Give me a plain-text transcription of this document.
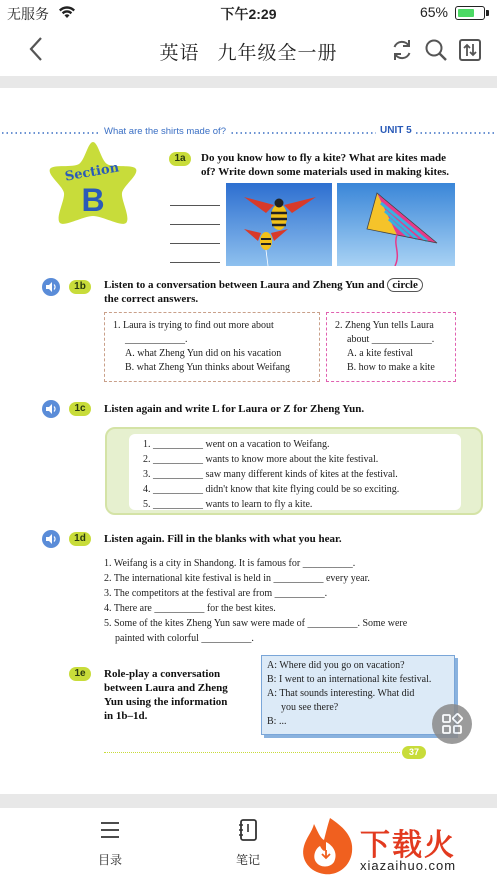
无服务	下午2:29	65%
英语 九年级全一册
What are the shirts made of?	UNIT 5
Section
B
1a	Do you know how to fly a kite? What are kites made of? Write down some materials used in making kites.
1b	Listen to a conversation between Laura and Zheng Yun and circle
the correct answers.
1. Laura is trying to find out more about
____________.
A. what Zheng Yun did on his vacation
B. what Zheng Yun thinks about Weifang
2. Zheng Yun tells Laura
about ____________.
A. a kite festival
B. how to make a kite
1c	Listen again and write L for Laura or Z for Zheng Yun.
1. __________ went on a vacation to Weifang.
2. __________ wants to know more about the kite festival.
3. __________ saw many different kinds of kites at the festival.
4. __________ didn't know that kite flying could be so exciting.
5. __________ wants to learn to fly a kite.
1d	Listen again. Fill in the blanks with what you hear.
1. Weifang is a city in Shandong. It is famous for __________.
2. The international kite festival is held in __________ every year.
3. The competitors at the festival are from __________.
4. There are __________ for the best kites.
5. Some of the kites Zheng Yun saw were made of __________. Some were
painted with colorful __________.
1e	Role-play a conversation
between Laura and Zheng
Yun using the information
in 1b–1d.
A: Where did you go on vacation?
B: I went to an international kite festival.
A: That sounds interesting. What did
you see there?
B: ...
37
目录	笔记	下载火
xiazaihuo.com
